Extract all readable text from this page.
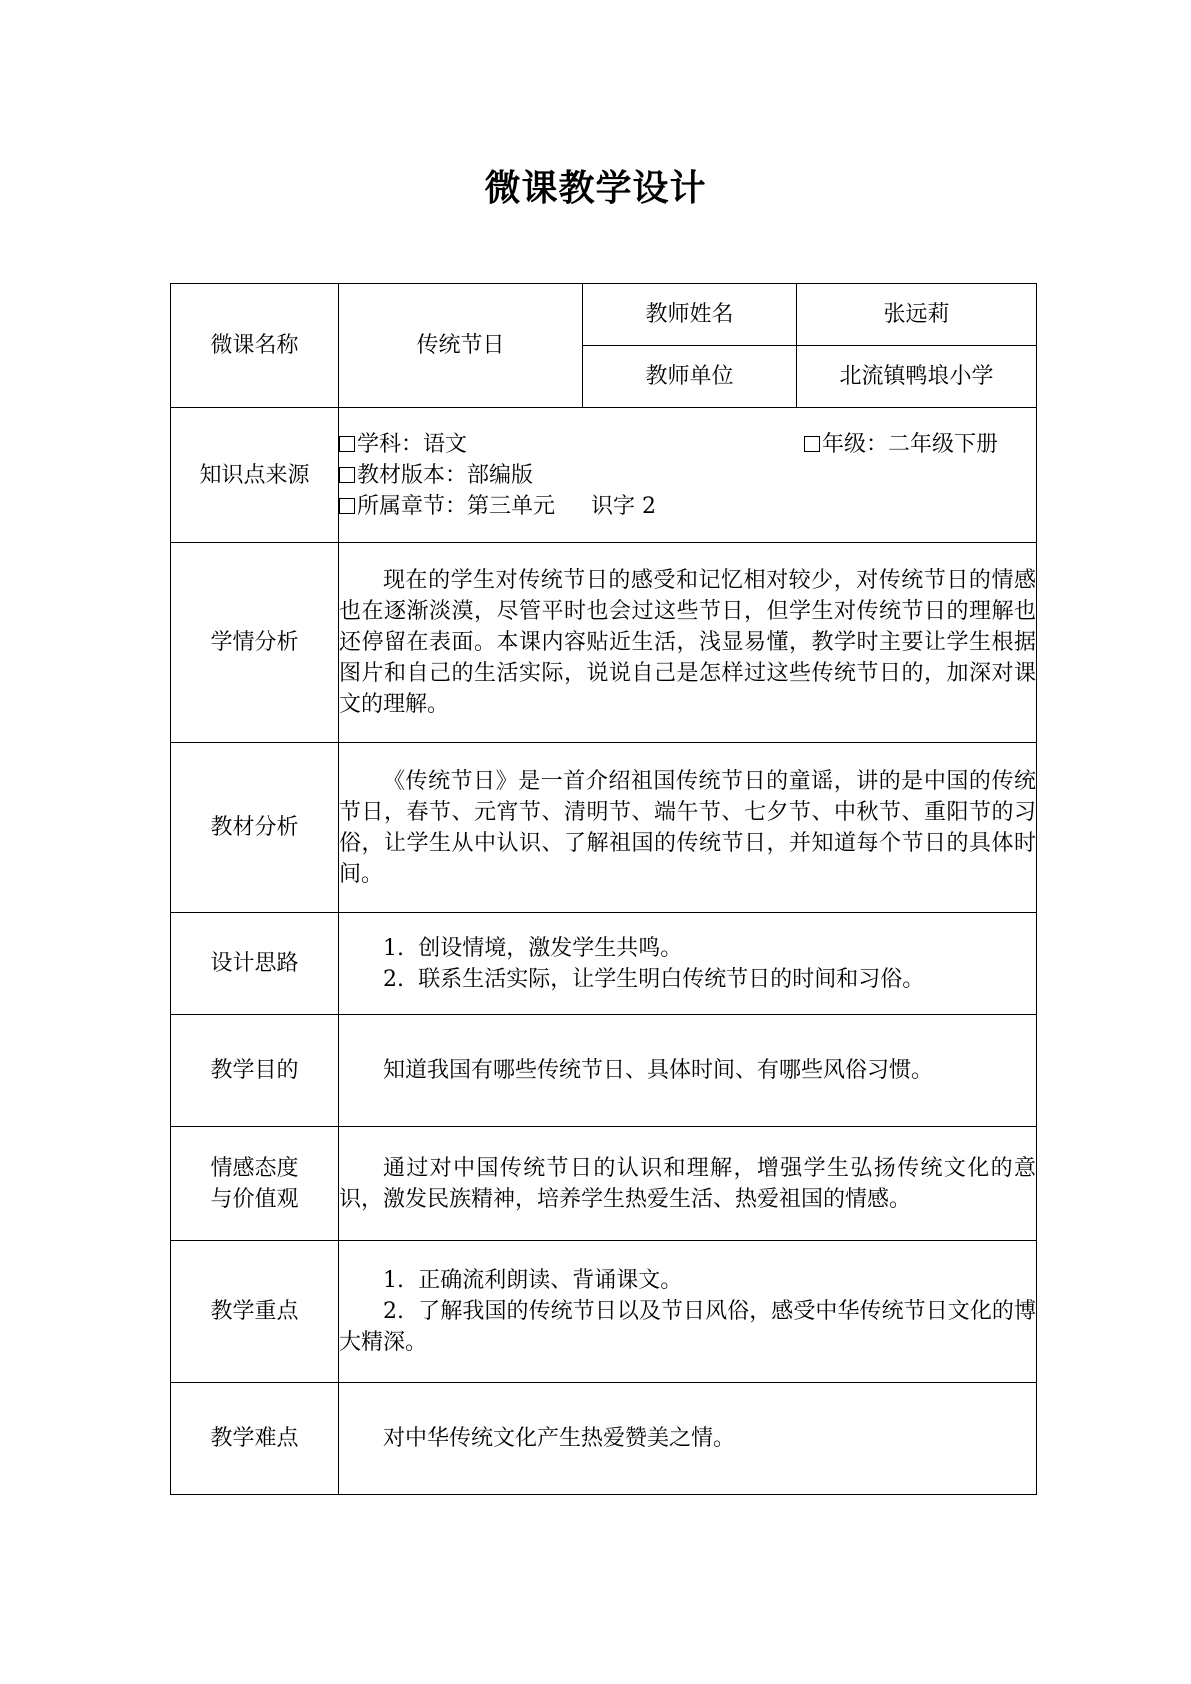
微课教学设计
微课名称	传统节日	教师姓名	张远莉
		教师单位	北流镇鸭埌小学
知识点来源	学科：语文 年级：二年级下册
教材版本：部编版
所属章节：第三单元 识字 2		

学情分析	现在的学生对传统节日的感受和记忆相对较少，对传统节日的情感也在逐渐淡漠，尽管平时也会过这些节日，但学生对传统节日的理解也还停留在表面。本课内容贴近生活，浅显易懂，教学时主要让学生根据图片和自己的生活实际，说说自己是怎样过这些传统节日的，加深对课文的理解。		

教材分析	《传统节日》是一首介绍祖国传统节日的童谣，讲的是中国的传统节日，春节、元宵节、清明节、端午节、七夕节、中秋节、重阳节的习俗，让学生从中认识、了解祖国的传统节日，并知道每个节日的具体时间。		

设计思路	1. 创设情境，激发学生共鸣。
2. 联系生活实际，让学生明白传统节日的时间和习俗。		

教学目的	知道我国有哪些传统节日、具体时间、有哪些风俗习惯。		

情感态度
与价值观	通过对中国传统节日的认识和理解，增强学生弘扬传统文化的意识，激发民族精神，培养学生热爱生活、热爱祖国的情感。		

教学重点	1. 正确流利朗读、背诵课文。
2. 了解我国的传统节日以及节日风俗，感受中华传统节日文化的博大精深。		

教学难点	对中华传统文化产生热爱赞美之情。		
